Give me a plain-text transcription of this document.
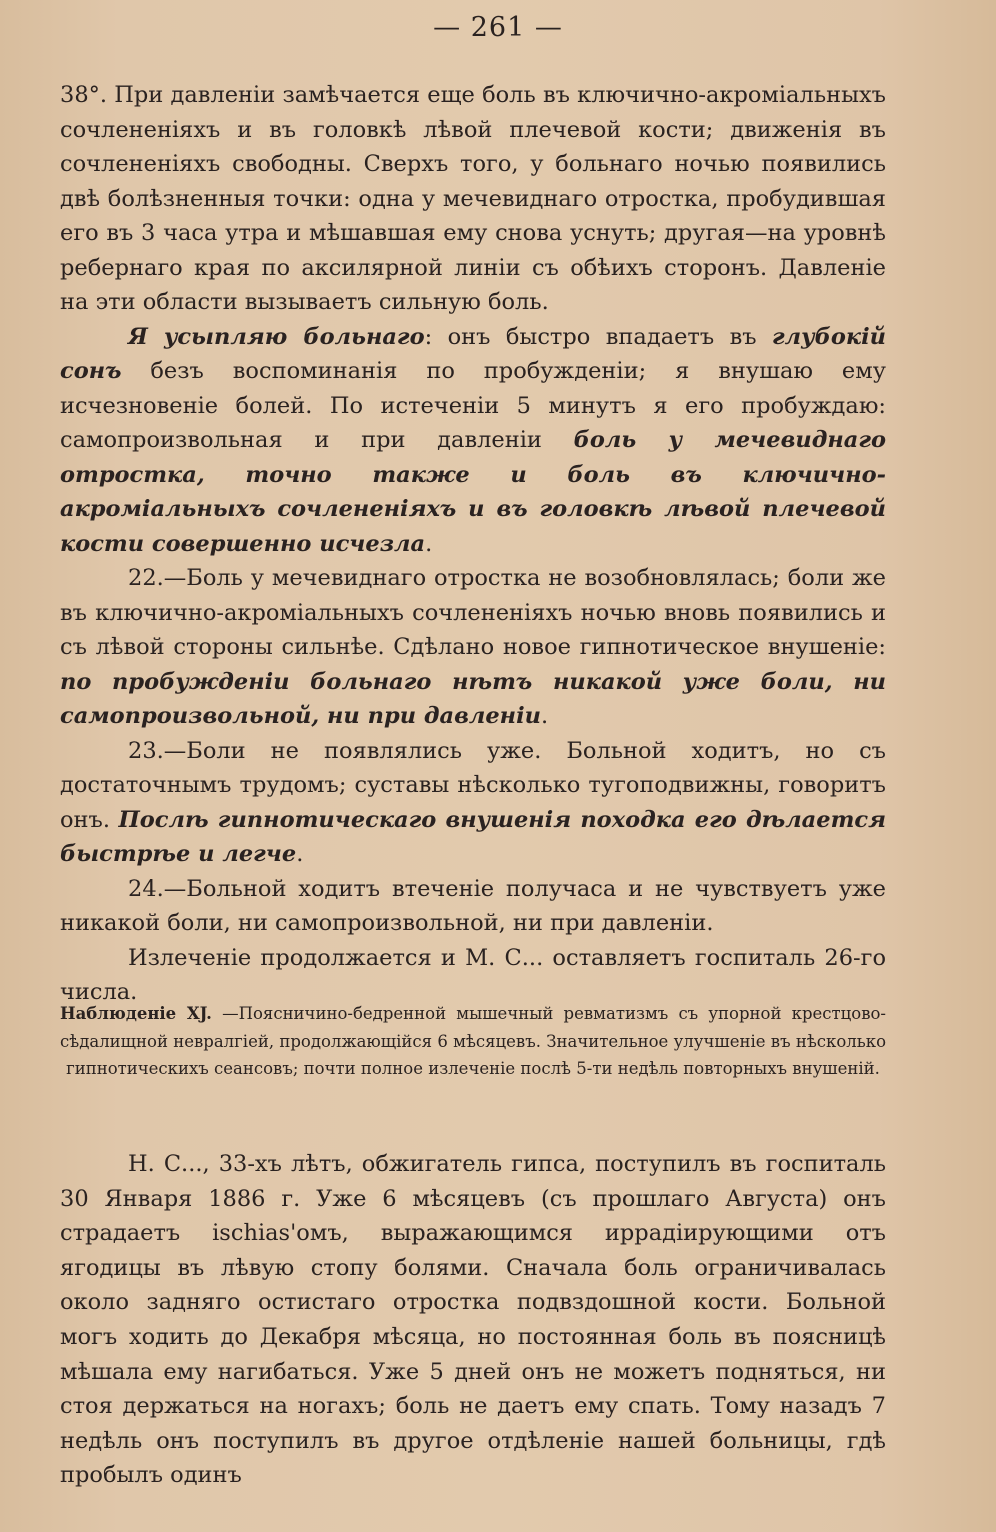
— 261 —

38°. При давленіи замѣчается еще боль въ ключично-акроміальныхъ сочлененіяхъ и въ головкѣ лѣвой плечевой кости; движенія въ сочлененіяхъ свободны. Сверхъ того, у больнаго ночью появились двѣ болѣзненныя точки: одна у мечевиднаго отростка, пробудившая его въ 3 часа утра и мѣшавшая ему снова уснуть; другая—на уровнѣ ребернаго края по аксилярной линіи съ обѣихъ сторонъ. Давленіе на эти области вызываетъ сильную боль.

Я усыпляю больнаго: онъ быстро впадаетъ въ глубокій сонъ безъ воспоминанія по пробужденіи; я внушаю ему исчезновеніе болей. По истеченіи 5 минутъ я его пробуждаю: самопроизвольная и при давленіи боль у мечевиднаго отростка, точно также и боль въ ключично-акроміальныхъ сочлененіяхъ и въ головкѣ лѣвой плечевой кости совершенно исчезла.

22.—Боль у мечевиднаго отростка не возобновлялась; боли же въ ключично-акроміальныхъ сочлененіяхъ ночью вновь появились и съ лѣвой стороны сильнѣе. Сдѣлано новое гипнотическое внушеніе: по пробужденіи больнаго нѣтъ никакой уже боли, ни самопроизвольной, ни при давленіи.

23.—Боли не появлялись уже. Больной ходитъ, но съ достаточнымъ трудомъ; суставы нѣсколько тугоподвижны, говоритъ онъ. Послѣ гипнотическаго внушенія походка его дѣлается быстрѣе и легче.

24.—Больной ходитъ втеченіе получаса и не чувствуетъ уже никакой боли, ни самопроизвольной, ни при давленіи.

Излеченіе продолжается и М. С... оставляетъ госпиталь 26-го числа.

Наблюденіе XJ. —Поясничино-бедренной мышечный ревматизмъ съ упорной крестцово-сѣдалищной невралгіей, продолжающійся 6 мѣсяцевъ. Значительное улучшеніе въ нѣсколько гипнотическихъ сеансовъ; почти полное излеченіе послѣ 5-ти недѣль повторныхъ внушеній.

Н. С..., 33-хъ лѣтъ, обжигатель гипса, поступилъ въ госпиталь 30 Января 1886 г. Уже 6 мѣсяцевъ (съ прошлаго Августа) онъ страдаетъ ischias'омъ, выражающимся иррадіирующими отъ ягодицы въ лѣвую стопу болями. Сначала боль ограничивалась около задняго остистаго отростка подвздошной кости. Больной могъ ходить до Декабря мѣсяца, но постоянная боль въ поясницѣ мѣшала ему нагибаться. Уже 5 дней онъ не можетъ подняться, ни стоя держаться на ногахъ; боль не даетъ ему спать. Тому назадъ 7 недѣль онъ поступилъ въ другое отдѣленіе нашей больницы, гдѣ пробылъ одинъ
